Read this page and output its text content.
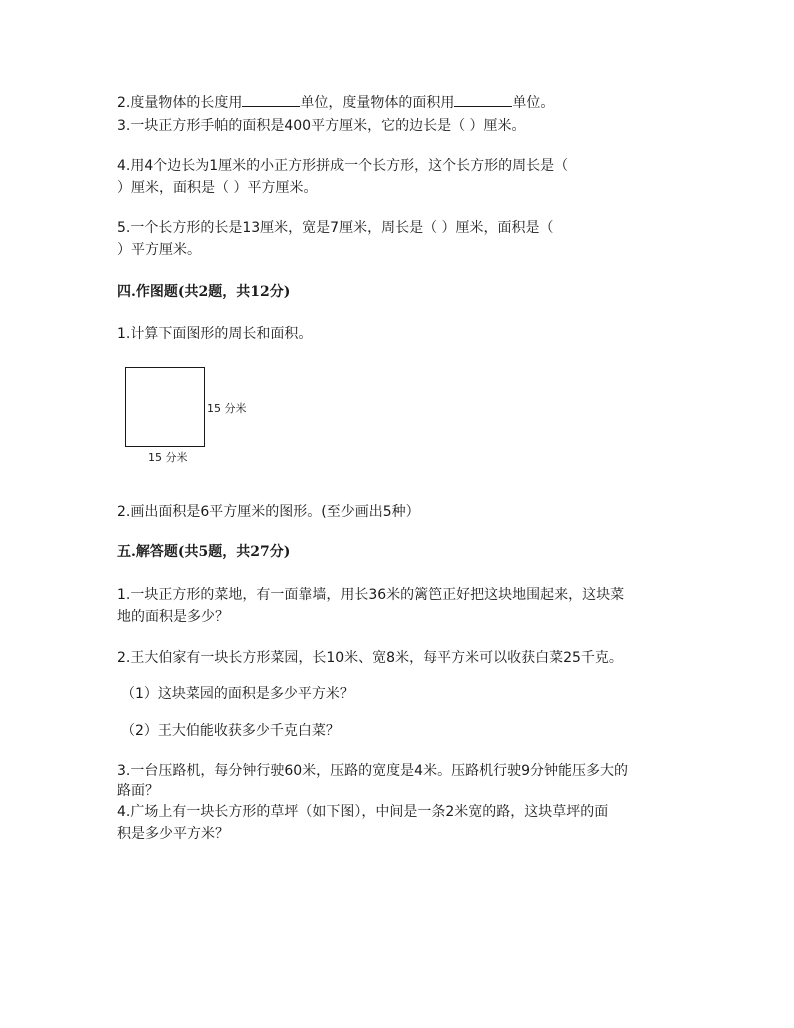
2.度量物体的长度用	单位，度量物体的面积用	单位。
3.一块正方形手帕的面积是400平方厘米，它的边长是（ ）厘米。
4.用4个边长为1厘米的小正方形拼成一个长方形，这个长方形的周长是（
）厘米，面积是（ ）平方厘米。
5.一个长方形的长是13厘米，宽是7厘米，周长是（ ）厘米，面积是（
）平方厘米。
四.作图题(共2题，共12分)
1.计算下面图形的周长和面积。
15 分米
15 分米
2.画出面积是6平方厘米的图形。(至少画出5种）
五.解答题(共5题，共27分)
1.一块正方形的菜地，有一面靠墙，用长36米的篱笆正好把这块地围起来，这块菜
地的面积是多少？
2.王大伯家有一块长方形菜园，长10米、宽8米，每平方米可以收获白菜25千克。
（1）这块菜园的面积是多少平方米？
（2）王大伯能收获多少千克白菜？
3.一台压路机，每分钟行驶60米，压路的宽度是4米。压路机行驶9分钟能压多大的
路面？
4.广场上有一块长方形的草坪（如下图），中间是一条2米宽的路，这块草坪的面
积是多少平方米？
